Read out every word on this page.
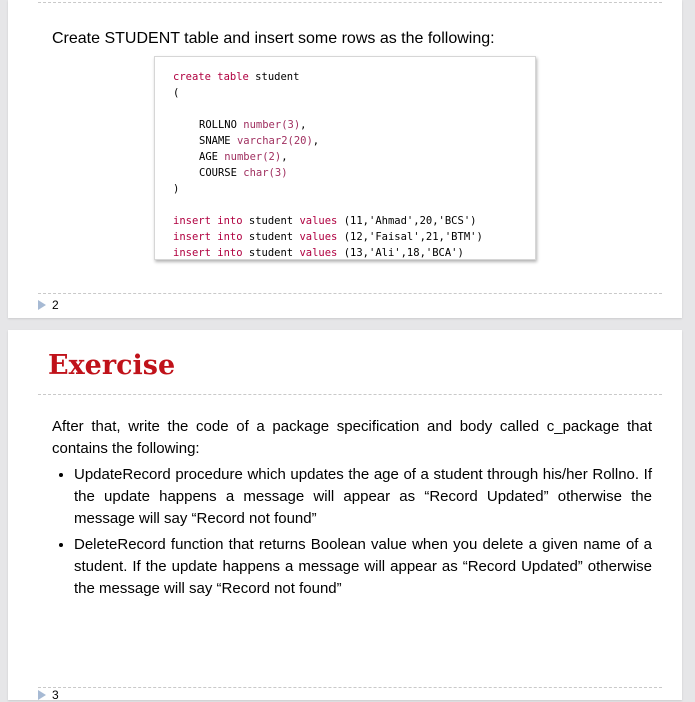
Create STUDENT table and insert some rows as the following:

create table student
(
ROLLNO number(3),
SNAME varchar2(20),
AGE number(2),
COURSE char(3)
)
insert into student values (11,'Ahmad',20,'BCS')
insert into student values (12,'Faisal',21,'BTM')
insert into student values (13,'Ali',18,'BCA')
2
Exercise

After that, write the code of a package specification and body called c_package that contains the following:

• UpdateRecord procedure which updates the age of a student through his/her Rollno. If the update happens a message will appear as “Record Updated” otherwise the message will say “Record not found”
• DeleteRecord function that returns Boolean value when you delete a given name of a student. If the update happens a message will appear as “Record Updated” otherwise the message will say “Record not found”
3
